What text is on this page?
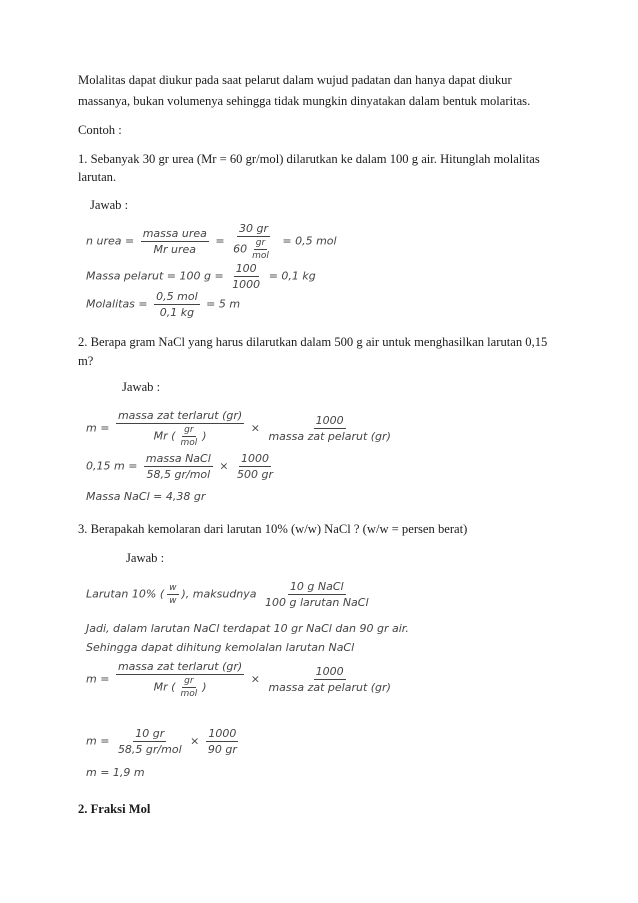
Molalitas dapat diukur pada saat pelarut dalam wujud padatan dan hanya dapat diukur
massanya, bukan volumenya sehingga tidak mungkin dinyatakan dalam bentuk molaritas.
Contoh :
1. Sebanyak 30 gr urea (Mr = 60 gr/mol) dilarutkan ke dalam 100 g air. Hitunglah molalitas
larutan.
Jawab :
n urea = $\frac{\text{massa urea}}{\text{Mr urea}} = \frac{30 gr}{60 \frac{gr}{\text{mol}}} = 0,5$ mol
Massa pelarut = 100 $g = \frac{100}{1000} = 0,1$ kg
Molalitas = $\frac{\text{0,5 mol}}{0,1 kg} = 5$ m
2. Berapa gram NaCl yang harus dilarutkan dalam 500 g air untuk menghasilkan larutan 0,15
m?
Jawab :
$m = \frac{\text{massa zat terlarut (gr)}}{Mr ( \frac{gr}{\text{mol}} )} \times \frac{1000}{\text{massa zat pelarut (gr)}}$
0,15 $m = \frac{\text{massa NaCl}}{\text{58,5 gr/mol}} \times \frac{1000}{500 gr}$
Massa NaCl = 4,38 gr
3. Berapakah kemolaran dari larutan 10% (w/w) NaCl ? (w/w = persen berat)
Jawab :
Larutan 10% ( $\frac{w}{w}$ ), maksudnya $\frac{\text{10 g NaCl}}{\text{100 g larutan NaCl}}$
Jadi, dalam larutan NaCl terdapat 10 gr NaCl dan 90 gr air.
Sehingga dapat dihitung kemolalan larutan NaCl
$m = \frac{\text{massa zat terlarut (gr)}}{Mr ( \frac{gr}{\text{mol}} )} \times \frac{1000}{\text{massa zat pelarut (gr)}}$
$m = \frac{10 gr}{\text{58,5 gr/mol}} \times \frac{1000}{90 gr}$
m = 1,9 m
2. Fraksi Mol
